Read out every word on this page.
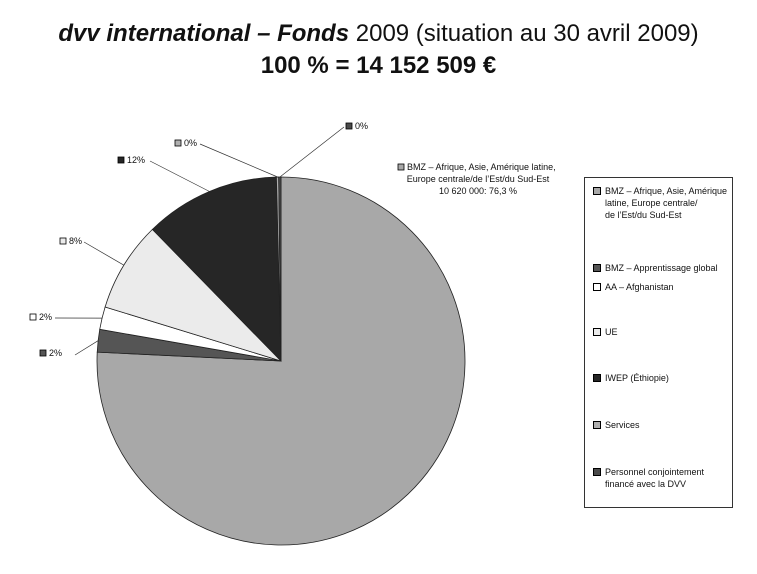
dvv international – Fonds 2009 (situation au 30 avril 2009)
100 % = 14 152 509 €
BMZ – Afrique, Asie, Amérique latine,
Europe centrale/de l’Est/du Sud-Est
10 620 000: 76,3 %
2%
2%
8%
12%
0%
0%
BMZ – Afrique, Asie, Amérique
latine, Europe centrale/
de l’Est/du Sud-Est
BMZ – Apprentissage global
AA – Afghanistan
UE
IWEP (Éthiopie)
Services
Personnel conjointement
financé avec la DVV
